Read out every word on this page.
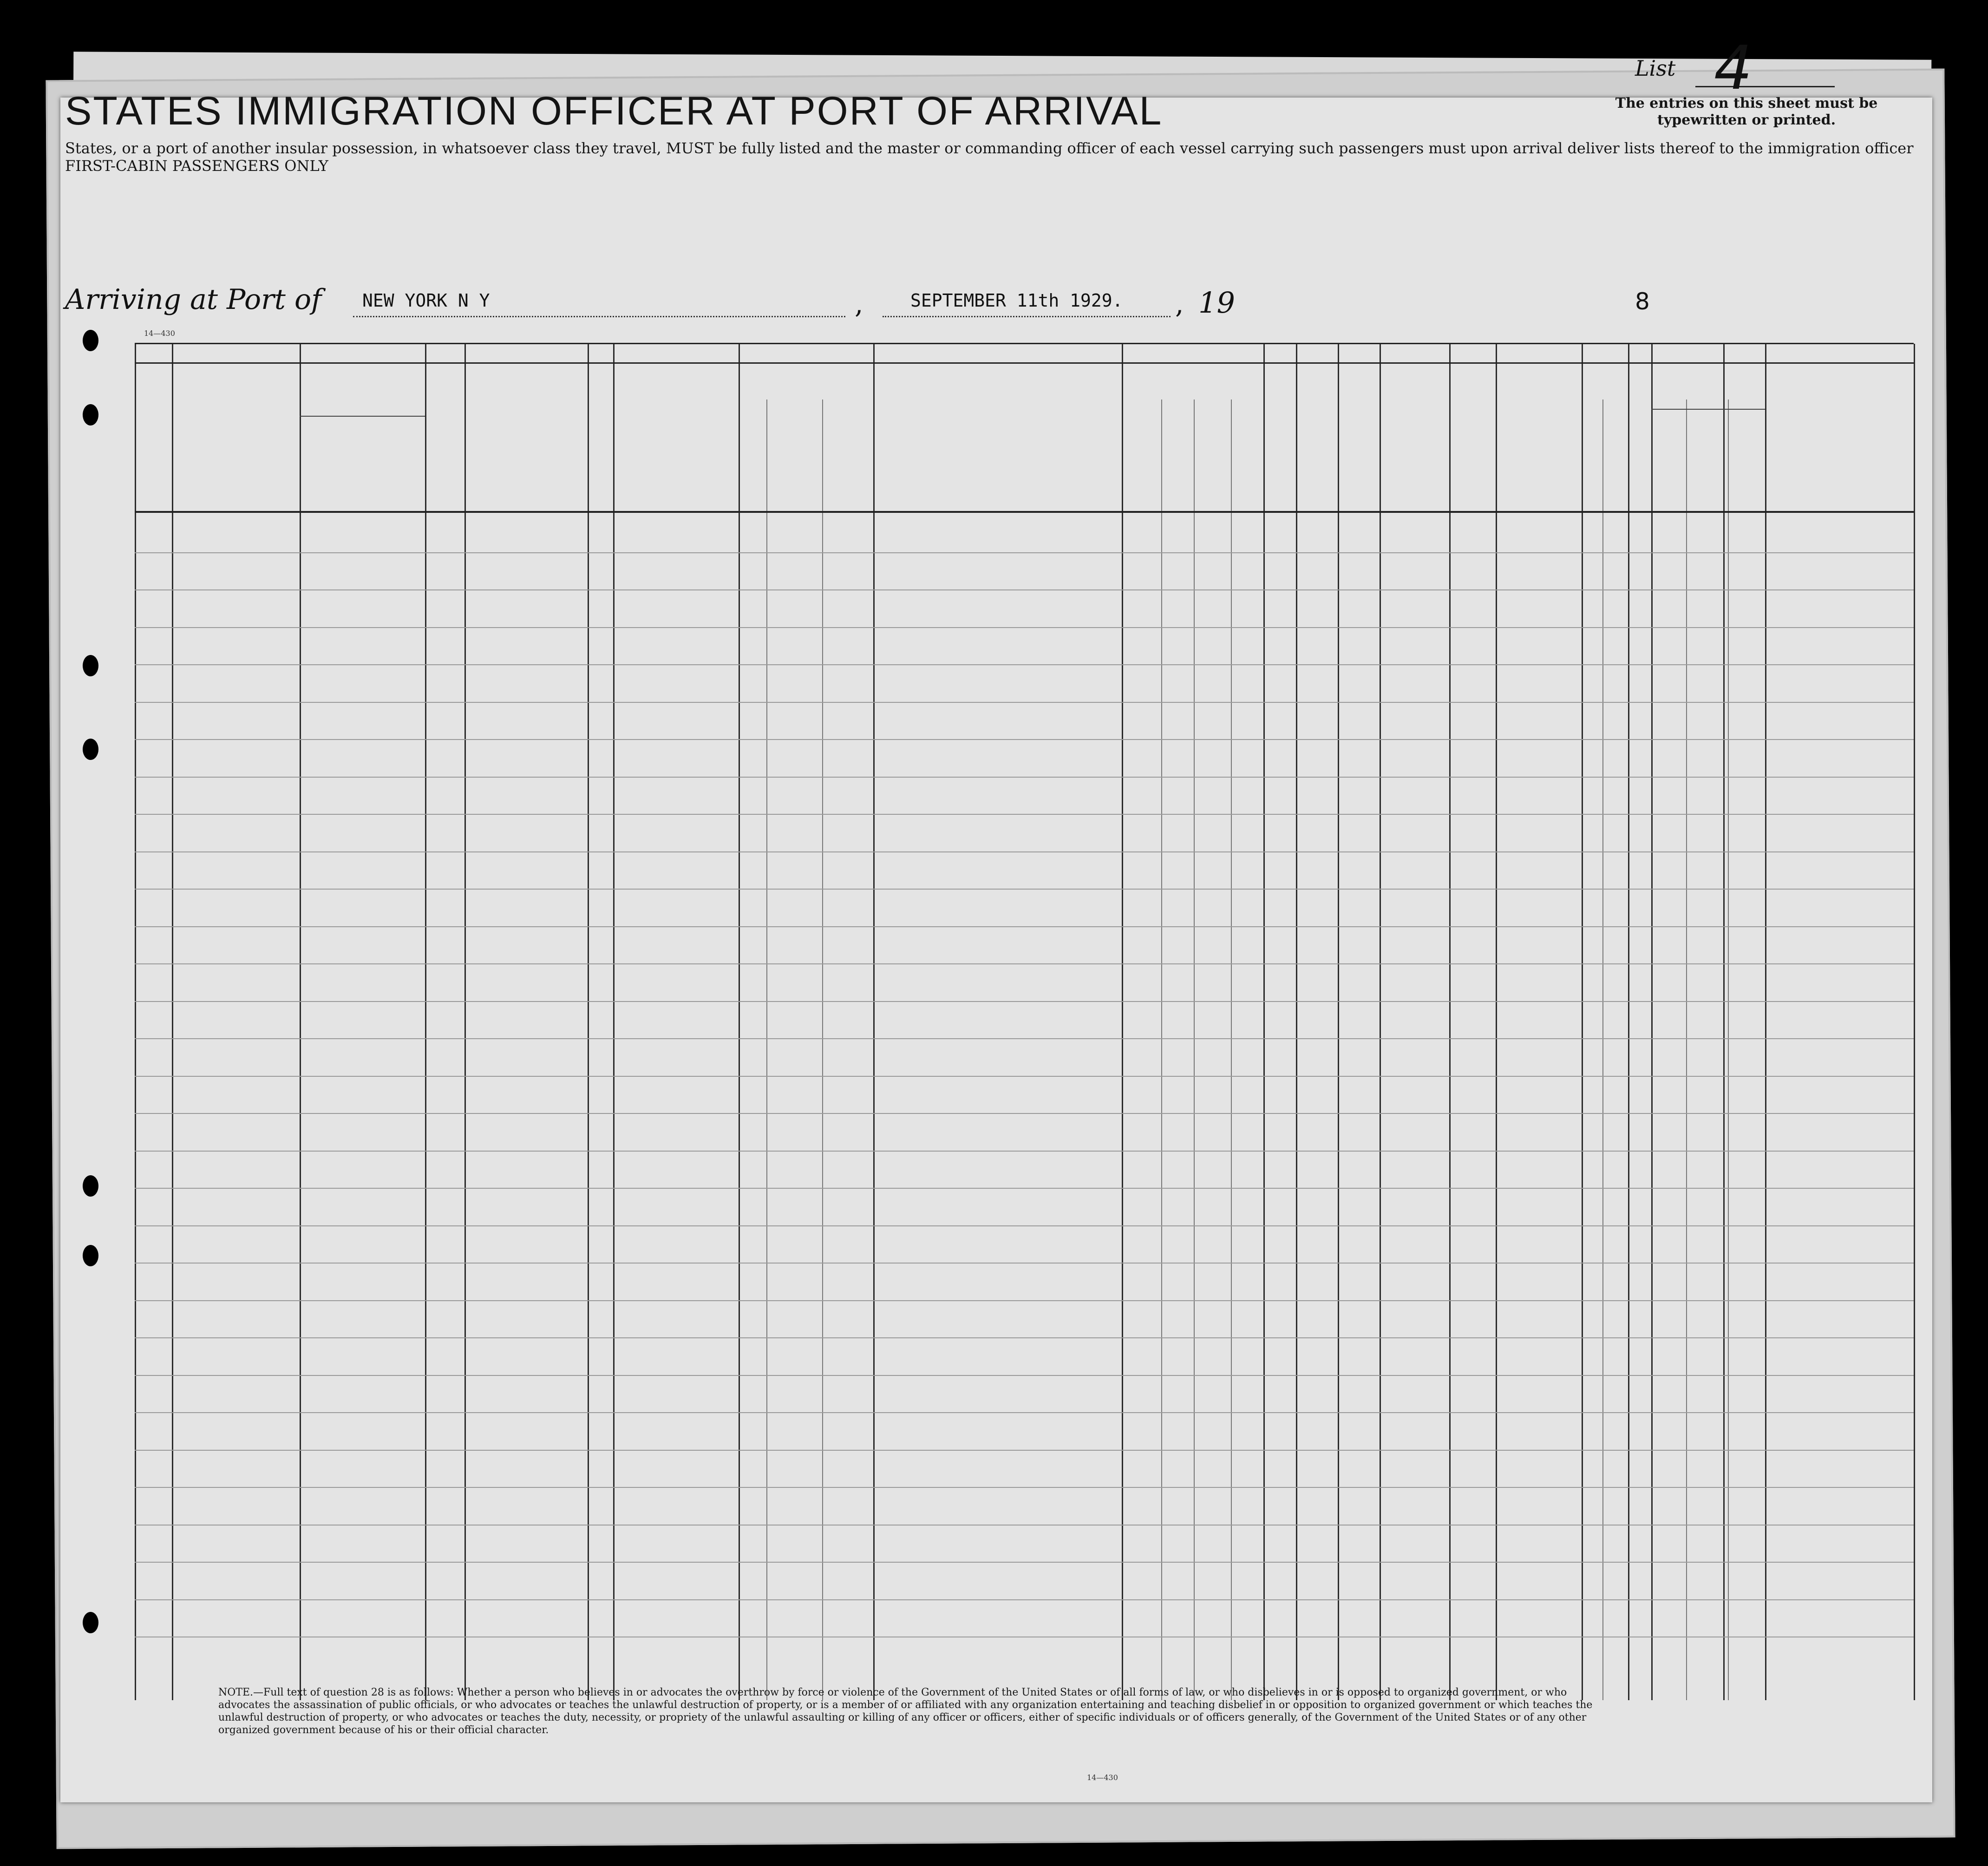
STATES IMMIGRATION OFFICER AT PORT OF ARRIVAL
States, or a port of another insular possession, in whatsoever class they travel, MUST be fully listed and the master or commanding officer of each vessel carrying such passengers must upon arrival deliver lists thereof to the immigration officer
FIRST-CABIN PASSENGERS ONLY
List 4
The entries on this sheet must be typewritten or printed.
Arriving at Port of NEW YORK N Y	,	SEPTEMBER 11th 1929. , 19	8
14—430
NOTE.—Full text of question 28 is as follows: Whether a person who believes in or advocates the overthrow by force or violence of the Government of the United States or of all forms of law, or who disbelieves in or is opposed to organized government, or who advocates the assassination of public officials, or who advocates or teaches the unlawful destruction of property, or is a member of or affiliated with any organization entertaining and teaching disbelief in or opposition to organized government or which teaches the unlawful destruction of property, or who advocates or teaches the duty, necessity, or propriety of the unlawful assaulting or killing of any officer or officers, either of specific individuals or of officers generally, of the Government of the United States or of any other organized government because of his or their official character.
14—430
